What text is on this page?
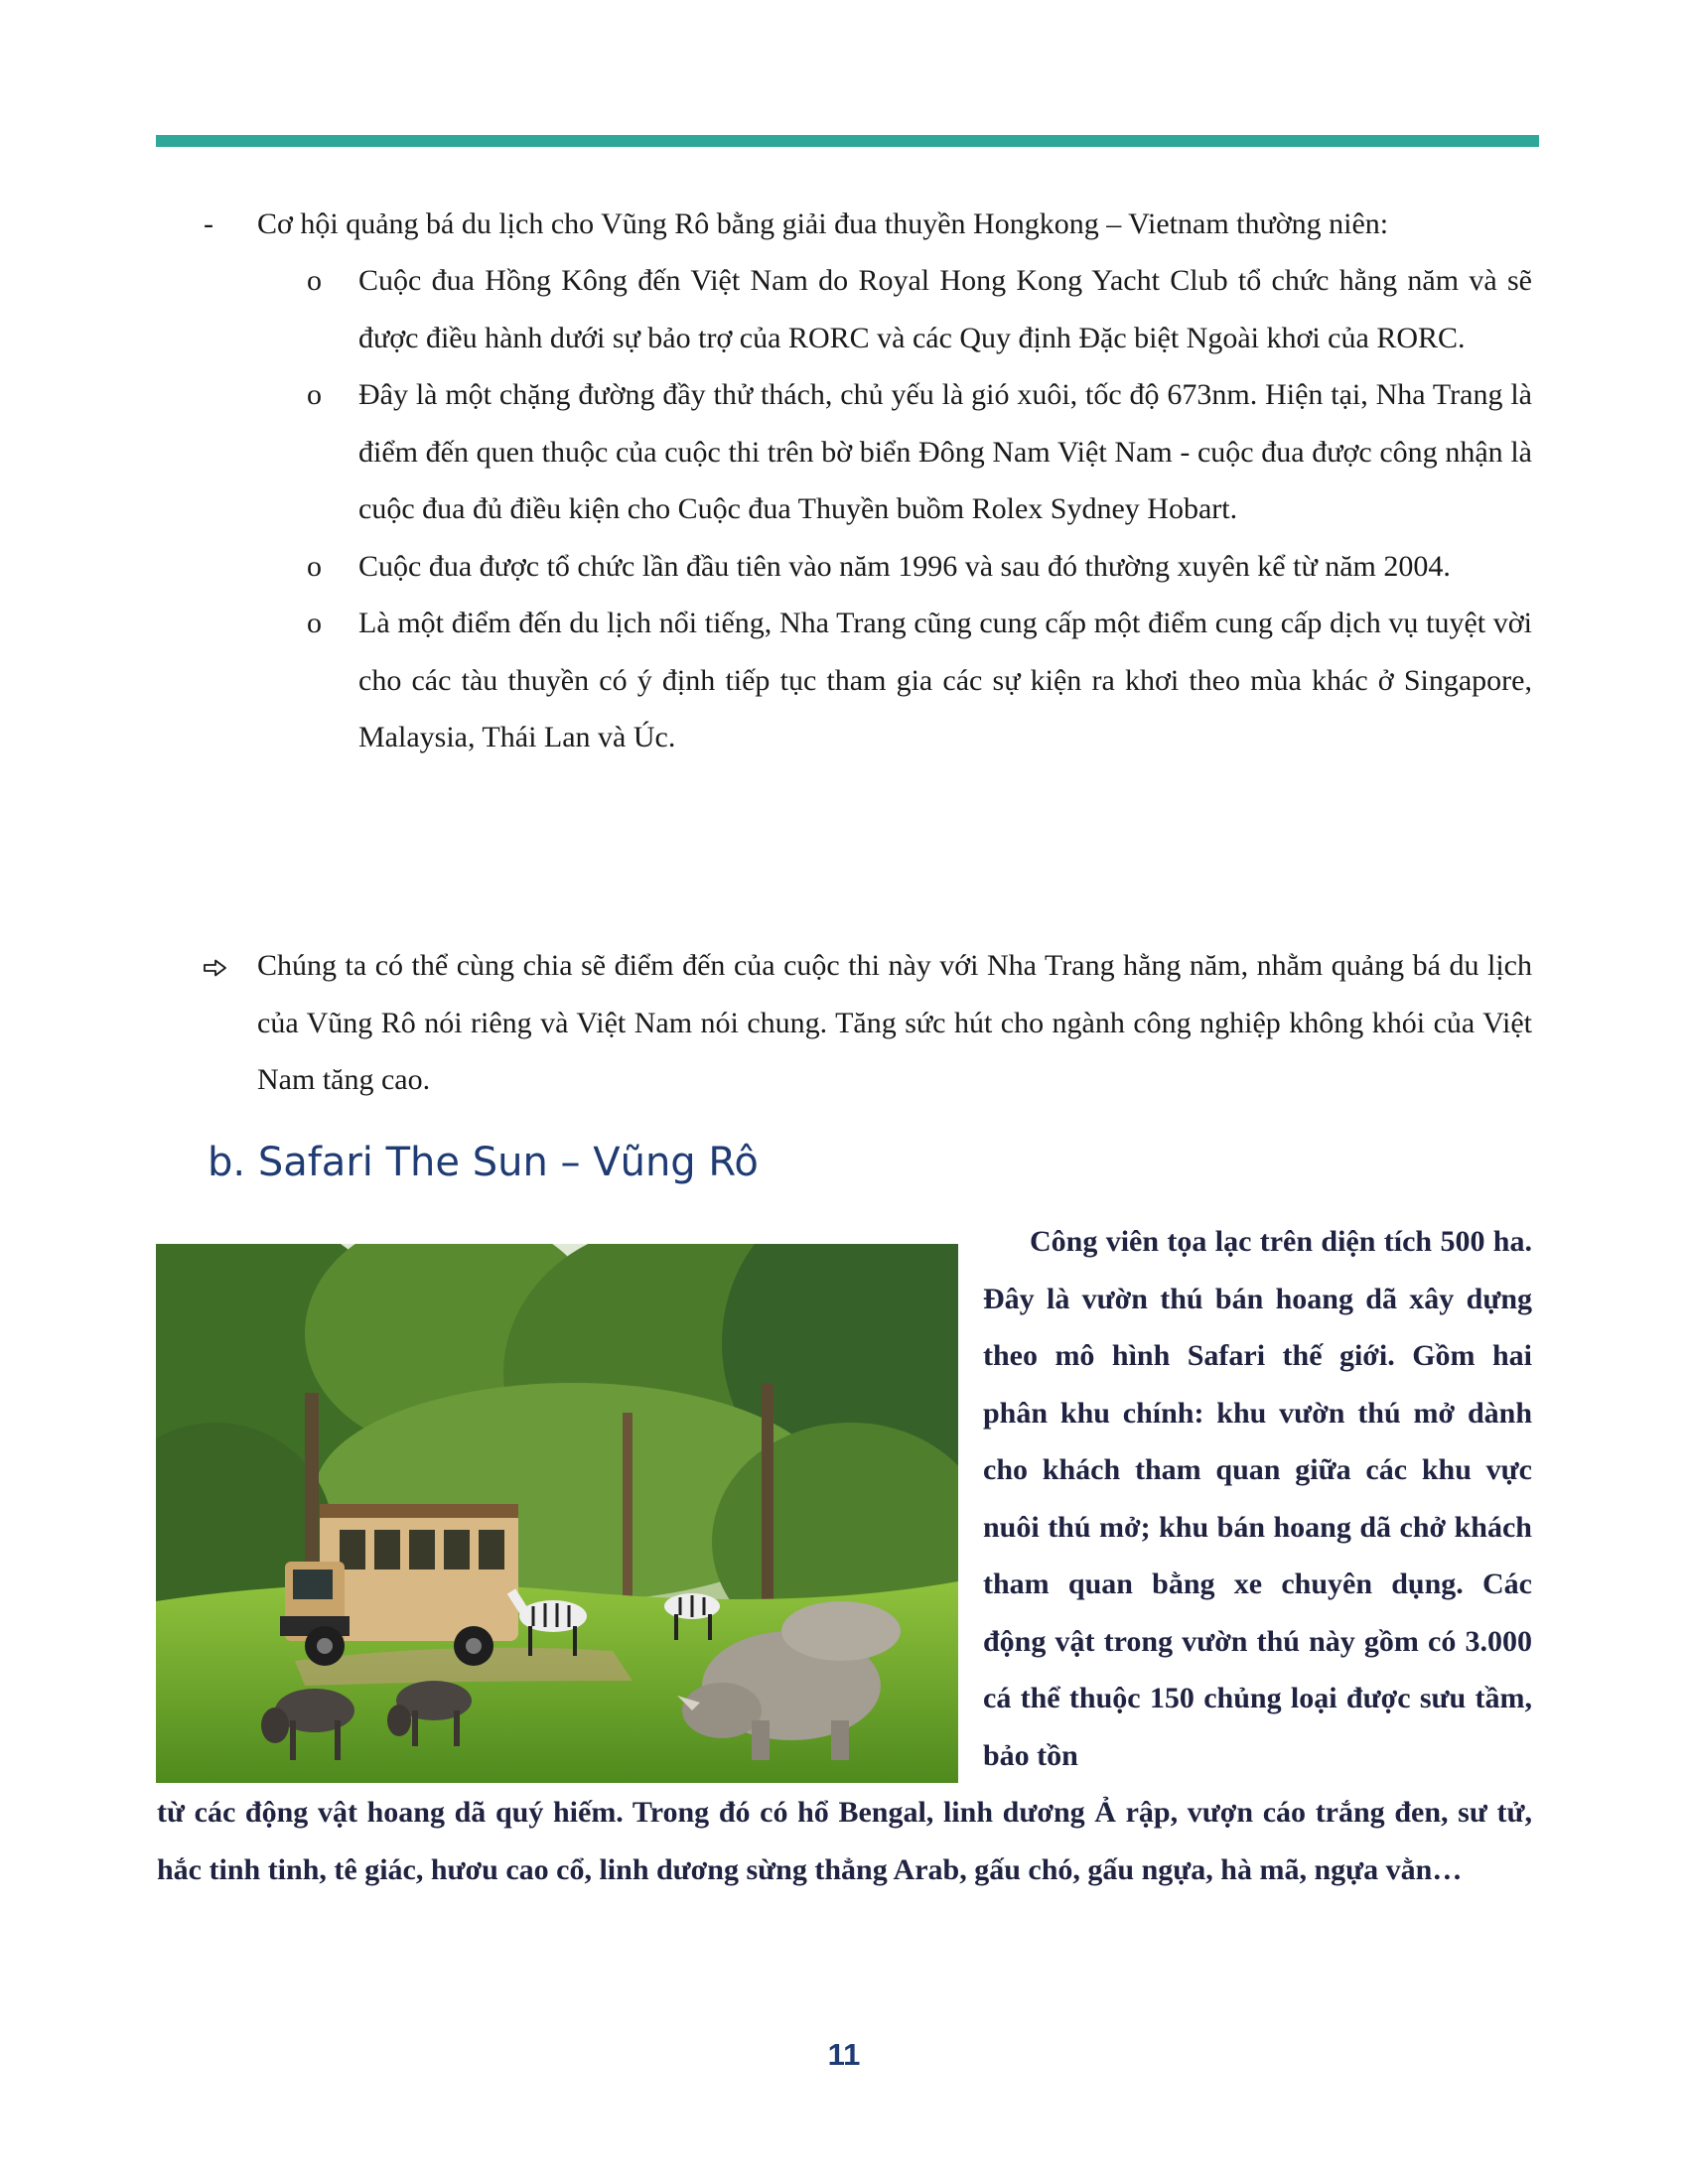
-	Cơ hội quảng bá du lịch cho Vũng Rô bằng giải đua thuyền Hongkong – Vietnam thường niên:
o Cuộc đua Hồng Kông đến Việt Nam do Royal Hong Kong Yacht Club tổ chức hằng năm và sẽ được điều hành dưới sự bảo trợ của RORC và các Quy định Đặc biệt Ngoài khơi của RORC.
o Đây là một chặng đường đầy thử thách, chủ yếu là gió xuôi, tốc độ 673nm. Hiện tại, Nha Trang là điểm đến quen thuộc của cuộc thi trên bờ biển Đông Nam Việt Nam - cuộc đua được công nhận là cuộc đua đủ điều kiện cho Cuộc đua Thuyền buồm Rolex Sydney Hobart.
o Cuộc đua được tổ chức lần đầu tiên vào năm 1996 và sau đó thường xuyên kể từ năm 2004.
o Là một điểm đến du lịch nổi tiếng, Nha Trang cũng cung cấp một điểm cung cấp dịch vụ tuyệt vời cho các tàu thuyền có ý định tiếp tục tham gia các sự kiện ra khơi theo mùa khác ở Singapore, Malaysia, Thái Lan và Úc.
Chúng ta có thể cùng chia sẽ điểm đến của cuộc thi này với Nha Trang hằng năm, nhằm quảng bá du lịch của Vũng Rô nói riêng và Việt Nam nói chung. Tăng sức hút cho ngành công nghiệp không khói của Việt Nam tăng cao.
b. Safari The Sun – Vũng Rô

Công viên tọa lạc trên diện tích 500 ha. Đây là vườn thú bán hoang dã xây dựng theo mô hình Safari thế giới. Gồm hai phân khu chính: khu vườn thú mở dành cho khách tham quan giữa các khu vực nuôi thú mở; khu bán hoang dã chở khách tham quan bằng xe chuyên dụng. Các động vật trong vườn thú này gồm có 3.000 cá thể thuộc 150 chủng loại được sưu tầm, bảo tồn

từ các động vật hoang dã quý hiếm. Trong đó có hổ Bengal, linh dương Ả rập, vượn cáo trắng đen, sư tử, hắc tinh tinh, tê giác, hươu cao cổ, linh dương sừng thẳng Arab, gấu chó, gấu ngựa, hà mã, ngựa vằn…

11
